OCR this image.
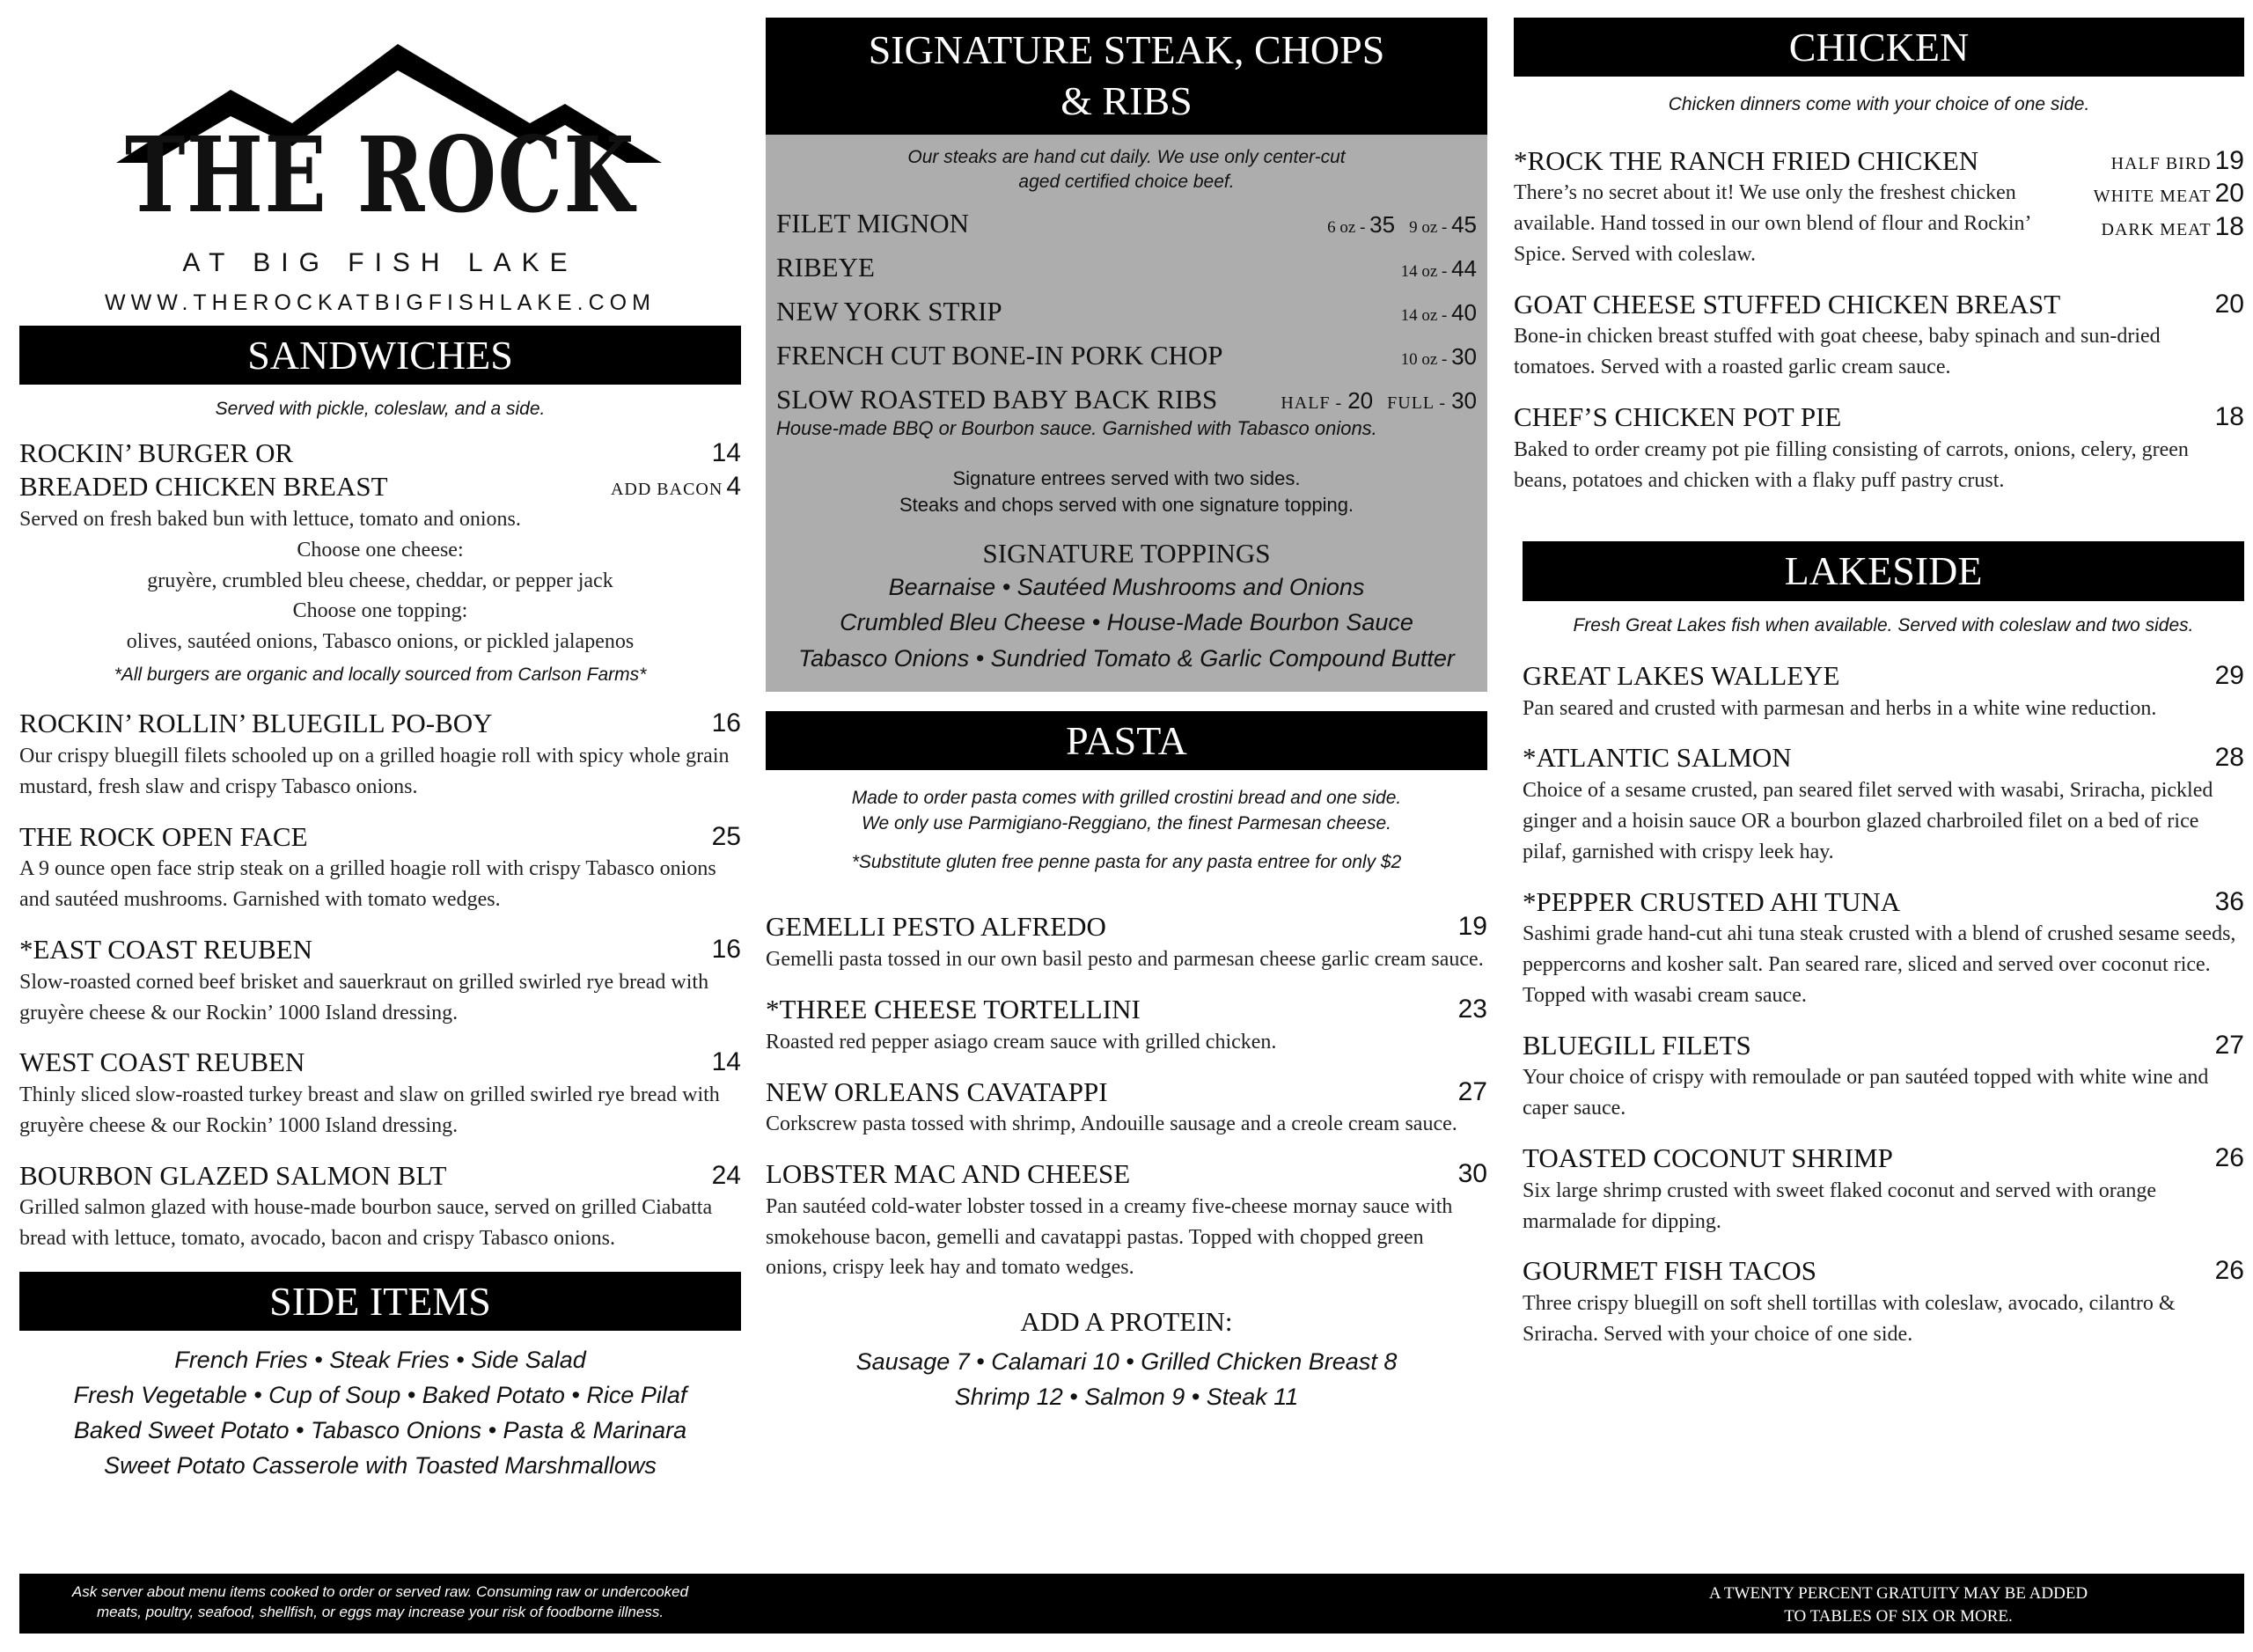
THE ROCK
AT BIG FISH LAKE
WWW.THEROCKATBIGFISHLAKE.COM
SANDWICHES
Served with pickle, coleslaw, and a side.
ROCKIN’ BURGER OR	14
BREADED CHICKEN BREAST	ADD BACON 4
Served on fresh baked bun with lettuce, tomato and onions.
Choose one cheese:
gruyère, crumbled bleu cheese, cheddar, or pepper jack
Choose one topping:
olives, sautéed onions, Tabasco onions, or pickled jalapenos
*All burgers are organic and locally sourced from Carlson Farms*
ROCKIN’ ROLLIN’ BLUEGILL PO-BOY	16
Our crispy bluegill filets schooled up on a grilled hoagie roll with spicy whole grain mustard, fresh slaw and crispy Tabasco onions.
THE ROCK OPEN FACE	25
A 9 ounce open face strip steak on a grilled hoagie roll with crispy Tabasco onions and sautéed mushrooms. Garnished with tomato wedges.
*EAST COAST REUBEN	16
Slow-roasted corned beef brisket and sauerkraut on grilled swirled rye bread with gruyère cheese & our Rockin’ 1000 Island dressing.
WEST COAST REUBEN	14
Thinly sliced slow-roasted turkey breast and slaw on grilled swirled rye bread with gruyère cheese & our Rockin’ 1000 Island dressing.
BOURBON GLAZED SALMON BLT	24
Grilled salmon glazed with house-made bourbon sauce, served on grilled Ciabatta bread with lettuce, tomato, avocado, bacon and crispy Tabasco onions.
SIDE ITEMS
French Fries • Steak Fries • Side Salad
Fresh Vegetable • Cup of Soup • Baked Potato • Rice Pilaf
Baked Sweet Potato • Tabasco Onions • Pasta & Marinara
Sweet Potato Casserole with Toasted Marshmallows
SIGNATURE STEAK, CHOPS
& RIBS
Our steaks are hand cut daily. We use only center-cut
aged certified choice beef.
FILET MIGNON	6 oz - 35 9 oz - 45
RIBEYE	14 oz - 44
NEW YORK STRIP	14 oz - 40
FRENCH CUT BONE-IN PORK CHOP	10 oz - 30
SLOW ROASTED BABY BACK RIBS	HALF - 20 FULL - 30
House-made BBQ or Bourbon sauce. Garnished with Tabasco onions.
Signature entrees served with two sides.
Steaks and chops served with one signature topping.
SIGNATURE TOPPINGS
Bearnaise • Sautéed Mushrooms and Onions
Crumbled Bleu Cheese • House-Made Bourbon Sauce
Tabasco Onions • Sundried Tomato & Garlic Compound Butter
PASTA
Made to order pasta comes with grilled crostini bread and one side.
We only use Parmigiano-Reggiano, the finest Parmesan cheese.
*Substitute gluten free penne pasta for any pasta entree for only $2
GEMELLI PESTO ALFREDO	19
Gemelli pasta tossed in our own basil pesto and parmesan cheese garlic cream sauce.
*THREE CHEESE TORTELLINI	23
Roasted red pepper asiago cream sauce with grilled chicken.
NEW ORLEANS CAVATAPPI	27
Corkscrew pasta tossed with shrimp, Andouille sausage and a creole cream sauce.
LOBSTER MAC AND CHEESE	30
Pan sautéed cold-water lobster tossed in a creamy five-cheese mornay sauce with smokehouse bacon, gemelli and cavatappi pastas. Topped with chopped green onions, crispy leek hay and tomato wedges.
ADD A PROTEIN:
Sausage 7 • Calamari 10 • Grilled Chicken Breast 8
Shrimp 12 • Salmon 9 • Steak 11
CHICKEN
Chicken dinners come with your choice of one side.
*ROCK THE RANCH FRIED CHICKEN
There’s no secret about it! We use only the freshest chicken available. Hand tossed in our own blend of flour and Rockin’ Spice. Served with coleslaw.
HALF BIRD 19
WHITE MEAT 20
DARK MEAT 18
GOAT CHEESE STUFFED CHICKEN BREAST	20
Bone-in chicken breast stuffed with goat cheese, baby spinach and sun-dried tomatoes. Served with a roasted garlic cream sauce.
CHEF’S CHICKEN POT PIE	18
Baked to order creamy pot pie filling consisting of carrots, onions, celery, green beans, potatoes and chicken with a flaky puff pastry crust.
LAKESIDE
Fresh Great Lakes fish when available. Served with coleslaw and two sides.
GREAT LAKES WALLEYE	29
Pan seared and crusted with parmesan and herbs in a white wine reduction.
*ATLANTIC SALMON	28
Choice of a sesame crusted, pan seared filet served with wasabi, Sriracha, pickled ginger and a hoisin sauce OR a bourbon glazed charbroiled filet on a bed of rice pilaf, garnished with crispy leek hay.
*PEPPER CRUSTED AHI TUNA	36
Sashimi grade hand-cut ahi tuna steak crusted with a blend of crushed sesame seeds, peppercorns and kosher salt. Pan seared rare, sliced and served over coconut rice. Topped with wasabi cream sauce.
BLUEGILL FILETS	27
Your choice of crispy with remoulade or pan sautéed topped with white wine and caper sauce.
TOASTED COCONUT SHRIMP	26
Six large shrimp crusted with sweet flaked coconut and served with orange marmalade for dipping.
GOURMET FISH TACOS	26
Three crispy bluegill on soft shell tortillas with coleslaw, avocado, cilantro & Sriracha. Served with your choice of one side.
Ask server about menu items cooked to order or served raw. Consuming raw or undercooked
meats, poultry, seafood, shellfish, or eggs may increase your risk of foodborne illness.
A TWENTY PERCENT GRATUITY MAY BE ADDED
TO TABLES OF SIX OR MORE.
